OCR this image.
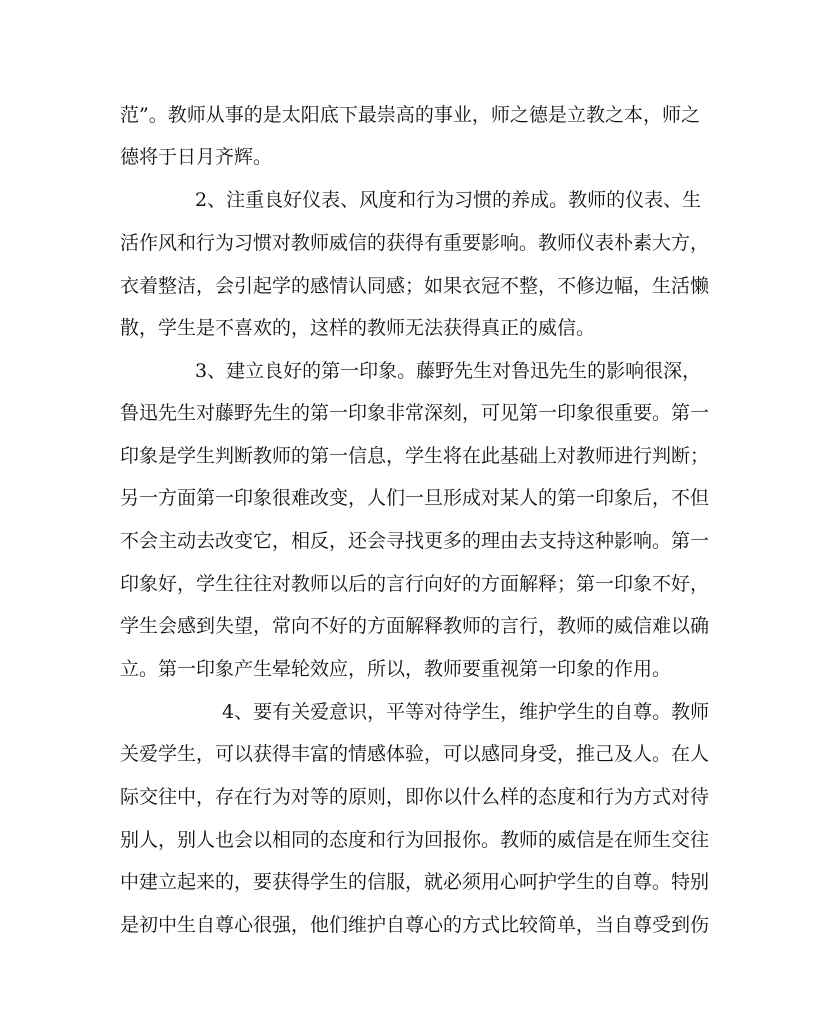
范”。教师从事的是太阳底下最崇高的事业，师之德是立教之本，师之
德将于日月齐辉。
2、注重良好仪表、风度和行为习惯的养成。教师的仪表、生
活作风和行为习惯对教师威信的获得有重要影响。教师仪表朴素大方，
衣着整洁，会引起学的感情认同感；如果衣冠不整，不修边幅，生活懒
散，学生是不喜欢的，这样的教师无法获得真正的威信。
3、建立良好的第一印象。藤野先生对鲁迅先生的影响很深，
鲁迅先生对藤野先生的第一印象非常深刻，可见第一印象很重要。第一
印象是学生判断教师的第一信息，学生将在此基础上对教师进行判断；
另一方面第一印象很难改变，人们一旦形成对某人的第一印象后，不但
不会主动去改变它，相反，还会寻找更多的理由去支持这种影响。第一
印象好，学生往往对教师以后的言行向好的方面解释；第一印象不好，
学生会感到失望，常向不好的方面解释教师的言行，教师的威信难以确
立。第一印象产生晕轮效应，所以，教师要重视第一印象的作用。
4、要有关爱意识，平等对待学生，维护学生的自尊。教师
关爱学生，可以获得丰富的情感体验，可以感同身受，推己及人。在人
际交往中，存在行为对等的原则，即你以什么样的态度和行为方式对待
别人，别人也会以相同的态度和行为回报你。教师的威信是在师生交往
中建立起来的，要获得学生的信服，就必须用心呵护学生的自尊。特别
是初中生自尊心很强，他们维护自尊心的方式比较简单，当自尊受到伤
